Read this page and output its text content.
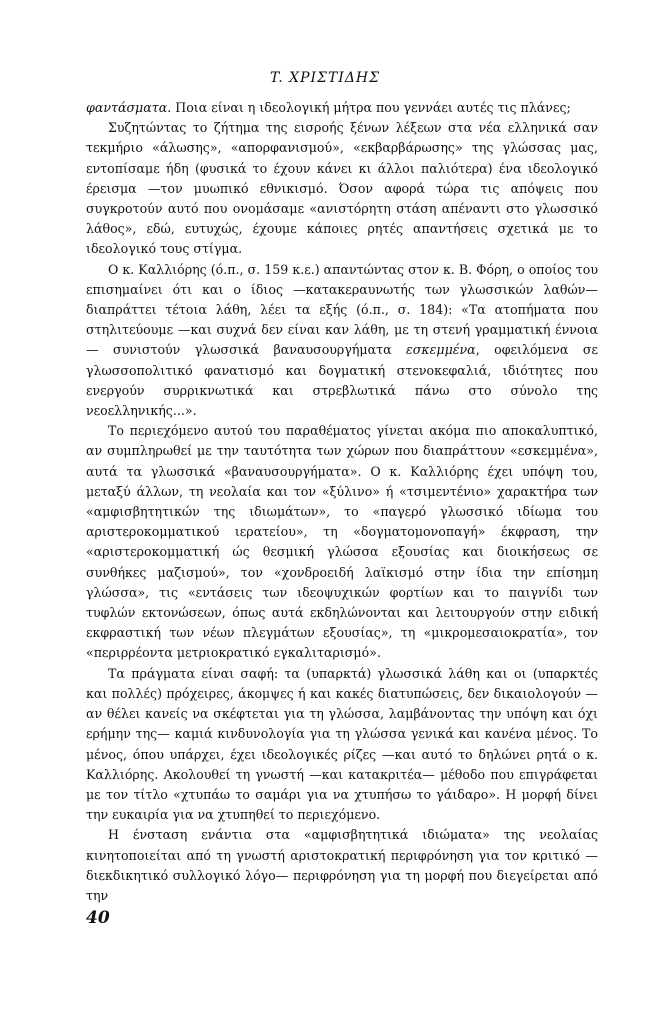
T. ΧΡΙΣΤΙΔΗΣ

φαντάσματα. Ποια είναι η ιδεολογική μήτρα που γεννάει αυτές τις πλάνες;

Συζητώντας το ζήτημα της εισροής ξένων λέξεων στα νέα ελληνικά σαν τεκμήριο «άλωσης», «απορφανισμού», «εκβαρβάρωσης» της γλώσσας μας, εντοπίσαμε ήδη (φυσικά το έχουν κάνει κι άλλοι παλιότερα) ένα ιδεολογικό έρεισμα —τον μυωπικό εθνικισμό. Όσον αφορά τώρα τις απόψεις που συγκροτούν αυτό που ονομάσαμε «ανιστόρητη στάση απέναντι στο γλωσσικό λάθος», εδώ, ευτυχώς, έχουμε κάποιες ρητές απαντήσεις σχετικά με το ιδεολογικό τους στίγμα.

Ο κ. Καλλιόρης (ό.π., σ. 159 κ.ε.) απαντώντας στον κ. Β. Φόρη, ο οποίος του επισημαίνει ότι και ο ίδιος —κατακεραυνωτής των γλωσσικών λαθών— διαπράττει τέτοια λάθη, λέει τα εξής (ό.π., σ. 184): «Τα ατοπήματα που στηλιτεύουμε —και συχνά δεν είναι καν λάθη, με τη στενή γραμματική έννοια— συνιστούν γλωσσικά βαναυσουργήματα εσκεμμένα, οφειλόμενα σε γλωσσοπολιτικό φανατισμό και δογματική στενοκεφαλιά, ιδιότητες που ενεργούν συρρικνωτικά και στρεβλωτικά πάνω στο σύνολο της νεοελληνικής...».

Το περιεχόμενο αυτού του παραθέματος γίνεται ακόμα πιο αποκαλυπτικό, αν συμπληρωθεί με την ταυτότητα των χώρων που διαπράττουν «εσκεμμένα», αυτά τα γλωσσικά «βαναυσουργήματα». Ο κ. Καλλιόρης έχει υπόψη του, μεταξύ άλλων, τη νεολαία και τον «ξύλινο» ή «τσιμεντένιο» χαρακτήρα των «αμφισβητητικών της ιδιωμάτων», το «παγερό γλωσσικό ιδίωμα του αριστεροκομματικού ιερατείου», τη «δογματομονοπαγή» έκφραση, την «αριστεροκομματική ώς θεσμική γλώσσα εξουσίας και διοικήσεως σε συνθήκες μαζισμού», τον «χονδροειδή λαϊκισμό στην ίδια την επίσημη γλώσσα», τις «εντάσεις των ιδεοψυχικών φορτίων και το παιγνίδι των τυφλών εκτονώσεων, όπως αυτά εκδηλώνονται και λειτουργούν στην ειδική εκφραστική των νέων πλεγμάτων εξουσίας», τη «μικρομεσαιοκρατία», τον «περιρρέοντα μετριοκρατικό εγκαλιταρισμό».

Τα πράγματα είναι σαφή: τα (υπαρκτά) γλωσσικά λάθη και οι (υπαρκτές και πολλές) πρόχειρες, άκομψες ή και κακές διατυπώσεις, δεν δικαιολογούν —αν θέλει κανείς να σκέφτεται για τη γλώσσα, λαμβάνοντας την υπόψη και όχι ερήμην της— καμιά κινδυνολογία για τη γλώσσα γενικά και κανένα μένος. Το μένος, όπου υπάρχει, έχει ιδεολογικές ρίζες —και αυτό το δηλώνει ρητά ο κ. Καλλιόρης. Ακολουθεί τη γνωστή —και κατακριτέα— μέθοδο που επιγράφεται με τον τίτλο «χτυπάω το σαμάρι για να χτυπήσω το γάιδαρο». Η μορφή δίνει την ευκαιρία για να χτυπηθεί το περιεχόμενο.

Η ένσταση ενάντια στα «αμφισβητητικά ιδιώματα» της νεολαίας κινητοποιείται από τη γνωστή αριστοκρατική περιφρόνηση για τον κριτικό —διεκδικητικό συλλογικό λόγο— περιφρόνηση για τη μορφή που διεγείρεται από την

40
